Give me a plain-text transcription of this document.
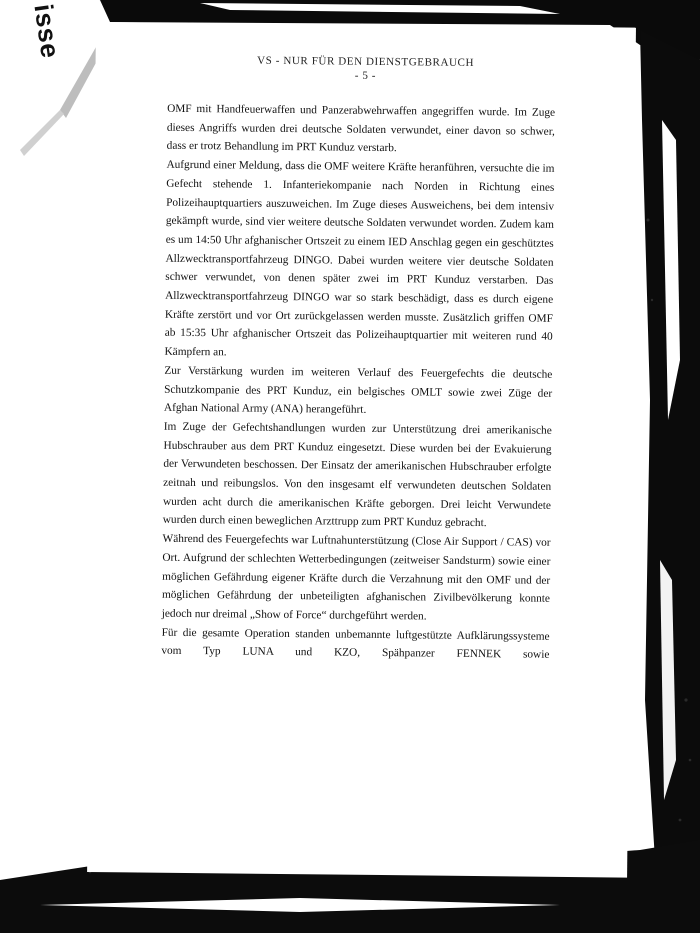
isse
VS - NUR FÜR DEN DIENSTGEBRAUCH
- 5 -

OMF mit Handfeuerwaffen und Panzerabwehrwaffen angegriffen wurde. Im Zuge dieses Angriffs wurden drei deutsche Soldaten verwundet, einer davon so schwer, dass er trotz Behandlung im PRT Kunduz verstarb.

Aufgrund einer Meldung, dass die OMF weitere Kräfte heranführen, versuchte die im Gefecht stehende 1. Infanteriekompanie nach Norden in Richtung eines Polizeihauptquartiers auszuweichen. Im Zuge dieses Ausweichens, bei dem intensiv gekämpft wurde, sind vier weitere deutsche Soldaten verwundet worden. Zudem kam es um 14:50 Uhr afghanischer Ortszeit zu einem IED Anschlag gegen ein geschütztes Allzwecktransportfahrzeug DINGO. Dabei wurden weitere vier deutsche Soldaten schwer verwundet, von denen später zwei im PRT Kunduz verstarben. Das Allzwecktransportfahrzeug DINGO war so stark beschädigt, dass es durch eigene Kräfte zerstört und vor Ort zurückgelassen werden musste. Zusätzlich griffen OMF ab 15:35 Uhr afghanischer Ortszeit das Polizeihauptquartier mit weiteren rund 40 Kämpfern an.

Zur Verstärkung wurden im weiteren Verlauf des Feuergefechts die deutsche Schutzkompanie des PRT Kunduz, ein belgisches OMLT sowie zwei Züge der Afghan National Army (ANA) herangeführt.

Im Zuge der Gefechtshandlungen wurden zur Unterstützung drei amerikanische Hubschrauber aus dem PRT Kunduz eingesetzt. Diese wurden bei der Evakuierung der Verwundeten beschossen. Der Einsatz der amerikanischen Hubschrauber erfolgte zeitnah und reibungslos. Von den insgesamt elf verwundeten deutschen Soldaten wurden acht durch die amerikanischen Kräfte geborgen. Drei leicht Verwundete wurden durch einen beweglichen Arzttrupp zum PRT Kunduz gebracht.

Während des Feuergefechts war Luftnahunterstützung (Close Air Support / CAS) vor Ort. Aufgrund der schlechten Wetterbedingungen (zeitweiser Sandsturm) sowie einer möglichen Gefährdung eigener Kräfte durch die Verzahnung mit den OMF und der möglichen Gefährdung der unbeteiligten afghanischen Zivilbevölkerung konnte jedoch nur dreimal „Show of Force“ durchgeführt werden.

Für die gesamte Operation standen unbemannte luftgestützte Aufklärungssysteme vom Typ LUNA und KZO, Spähpanzer FENNEK sowie
